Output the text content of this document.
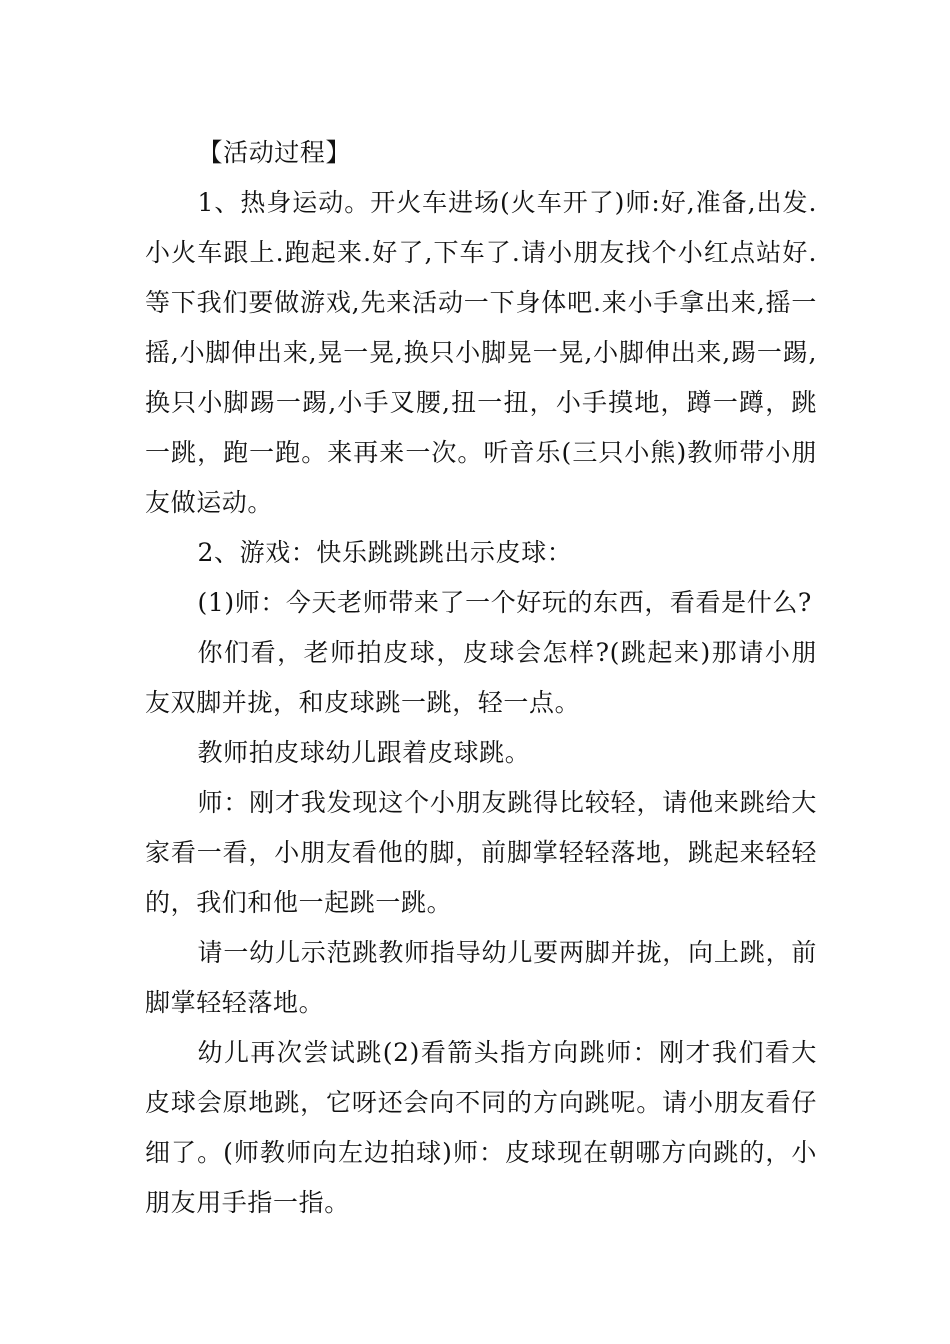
【活动过程】

1、热身运动。开火车进场(火车开了)师:好,准备,出发.小火车跟上.跑起来.好了,下车了.请小朋友找个小红点站好.等下我们要做游戏,先来活动一下身体吧.来小手拿出来,摇一摇,小脚伸出来,晃一晃,换只小脚晃一晃,小脚伸出来,踢一踢,换只小脚踢一踢,小手叉腰,扭一扭，小手摸地，蹲一蹲，跳一跳，跑一跑。来再来一次。听音乐(三只小熊)教师带小朋友做运动。

2、游戏：快乐跳跳跳出示皮球：

(1)师：今天老师带来了一个好玩的东西，看看是什么?

你们看，老师拍皮球，皮球会怎样?(跳起来)那请小朋友双脚并拢，和皮球跳一跳，轻一点。

教师拍皮球幼儿跟着皮球跳。

师：刚才我发现这个小朋友跳得比较轻，请他来跳给大家看一看，小朋友看他的脚，前脚掌轻轻落地，跳起来轻轻的，我们和他一起跳一跳。

请一幼儿示范跳教师指导幼儿要两脚并拢，向上跳，前脚掌轻轻落地。

幼儿再次尝试跳(2)看箭头指方向跳师：刚才我们看大皮球会原地跳，它呀还会向不同的方向跳呢。请小朋友看仔细了。(师教师向左边拍球)师：皮球现在朝哪方向跳的，小朋友用手指一指。
